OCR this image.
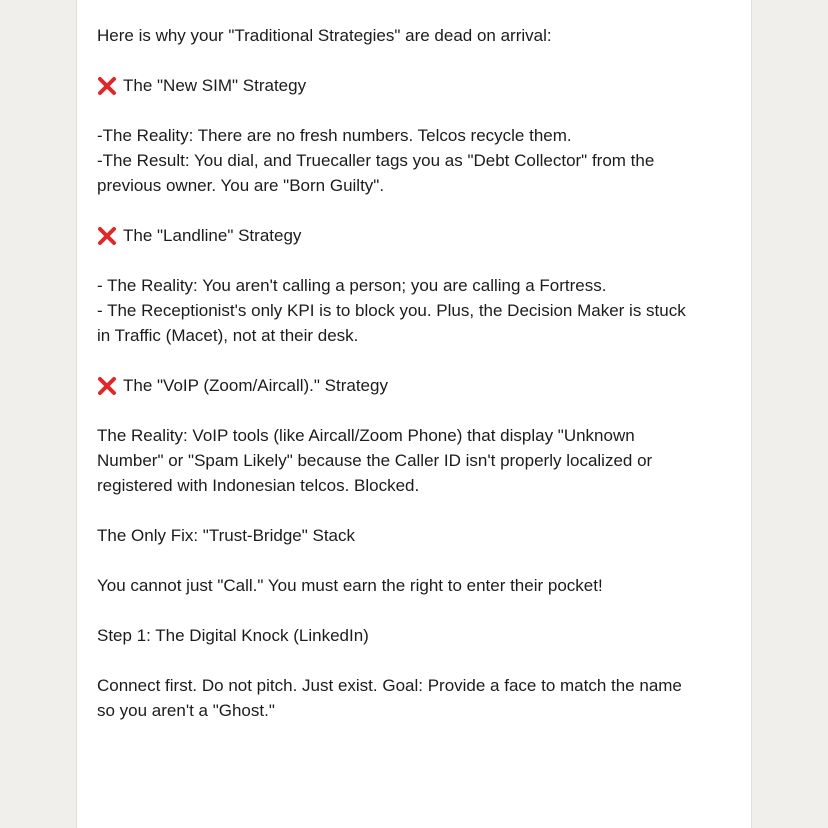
Here is why your "Traditional Strategies" are dead on arrival:

The "New SIM" Strategy

-The Reality: There are no fresh numbers. Telcos recycle them.

-The Result: You dial, and Truecaller tags you as "Debt Collector" from the

previous owner. You are "Born Guilty".

The "Landline" Strategy

- The Reality: You aren't calling a person; you are calling a Fortress.

- The Receptionist's only KPI is to block you. Plus, the Decision Maker is stuck

in Traffic (Macet), not at their desk.

The "VoIP (Zoom/Aircall)." Strategy

The Reality: VoIP tools (like Aircall/Zoom Phone) that display "Unknown

Number" or "Spam Likely" because the Caller ID isn't properly localized or

registered with Indonesian telcos. Blocked.

The Only Fix: "Trust-Bridge" Stack

You cannot just "Call." You must earn the right to enter their pocket!

Step 1: The Digital Knock (LinkedIn)

Connect first. Do not pitch. Just exist. Goal: Provide a face to match the name

so you aren't a "Ghost."
